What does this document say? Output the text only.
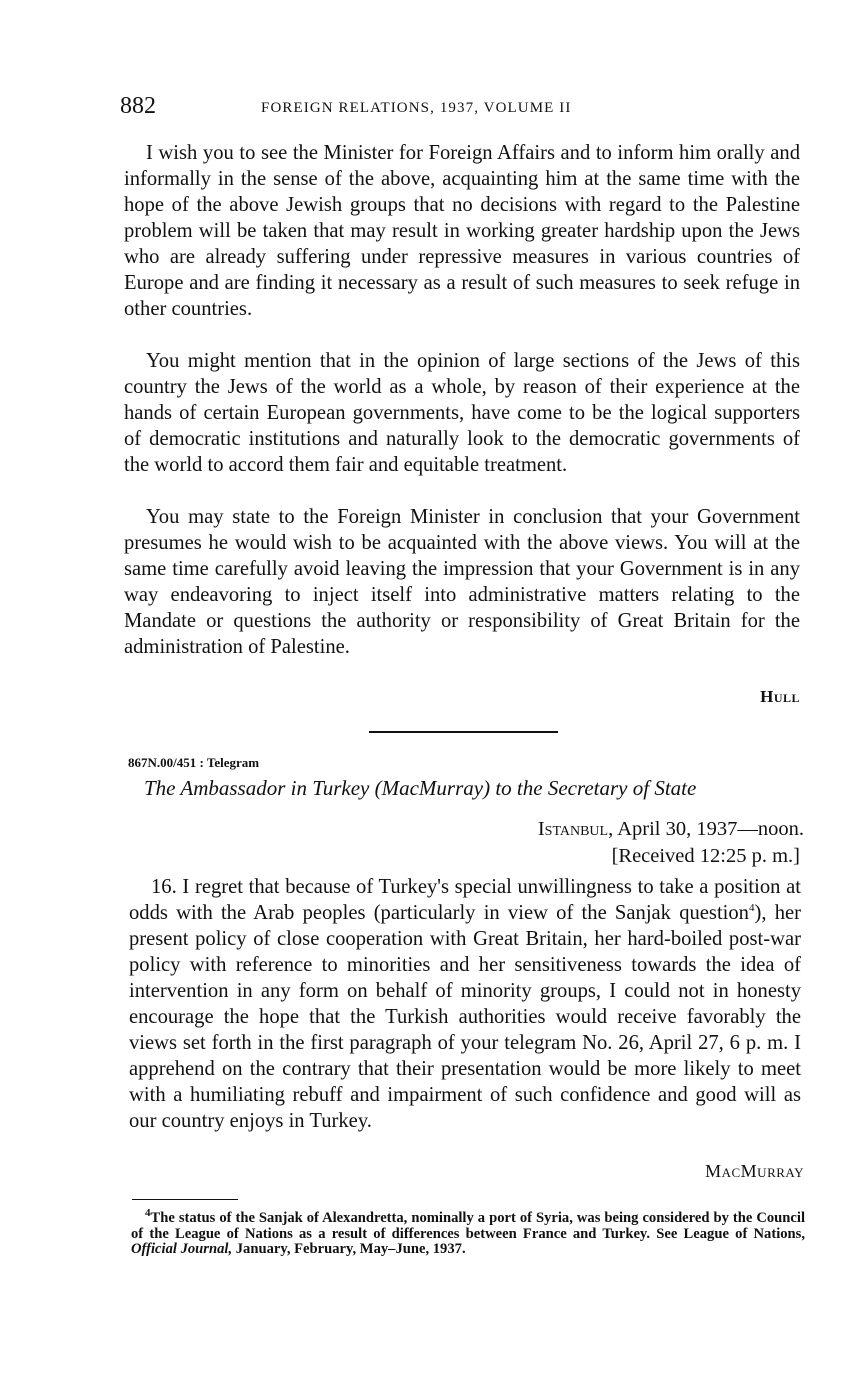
882	FOREIGN RELATIONS, 1937, VOLUME II

I wish you to see the Minister for Foreign Affairs and to inform him orally and informally in the sense of the above, acquainting him at the same time with the hope of the above Jewish groups that no decisions with regard to the Palestine problem will be taken that may result in working greater hardship upon the Jews who are already suffering under repressive measures in various countries of Europe and are finding it necessary as a result of such measures to seek refuge in other countries.

You might mention that in the opinion of large sections of the Jews of this country the Jews of the world as a whole, by reason of their experience at the hands of certain European governments, have come to be the logical supporters of democratic institutions and naturally look to the democratic governments of the world to accord them fair and equitable treatment.

You may state to the Foreign Minister in conclusion that your Government presumes he would wish to be acquainted with the above views. You will at the same time carefully avoid leaving the impression that your Government is in any way endeavoring to inject itself into administrative matters relating to the Mandate or questions the authority or responsibility of Great Britain for the administration of Palestine.

Hull
867N.00/451 : Telegram
The Ambassador in Turkey (MacMurray) to the Secretary of State
Istanbul, April 30, 1937—noon.
[Received 12:25 p. m.]

16. I regret that because of Turkey's special unwillingness to take a position at odds with the Arab peoples (particularly in view of the Sanjak question$^4$), her present policy of close cooperation with Great Britain, her hard-boiled post-war policy with reference to minorities and her sensitiveness towards the idea of intervention in any form on behalf of minority groups, I could not in honesty encourage the hope that the Turkish authorities would receive favorably the views set forth in the first paragraph of your telegram No. 26, April 27, 6 p. m. I apprehend on the contrary that their presentation would be more likely to meet with a humiliating rebuff and impairment of such confidence and good will as our country enjoys in Turkey.

MacMurray

$^4$The status of the Sanjak of Alexandretta, nominally a port of Syria, was being considered by the Council of the League of Nations as a result of differences between France and Turkey. See League of Nations, Official Journal, January, February, May–June, 1937.
